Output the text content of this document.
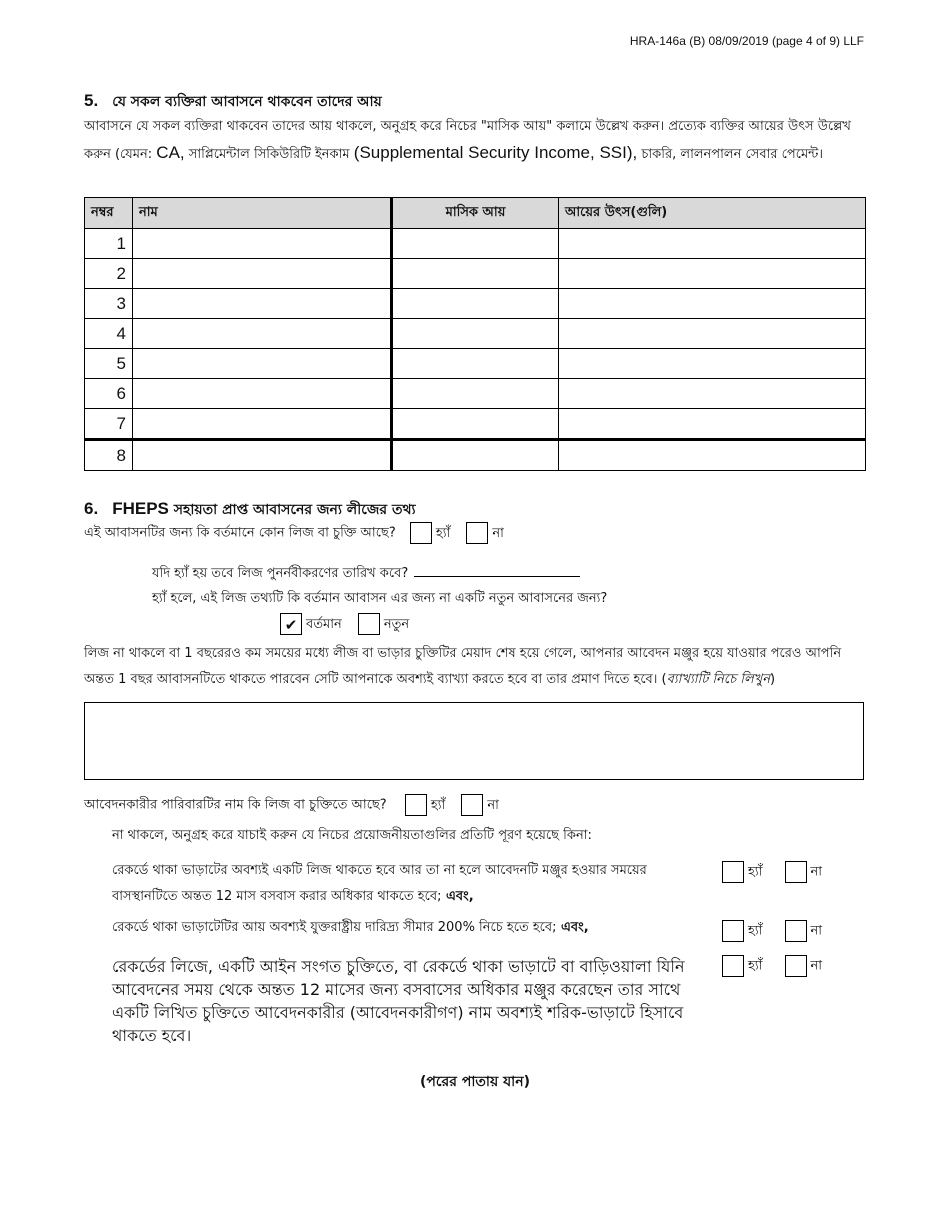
HRA-146a (B) 08/09/2019 (page 4 of 9) LLF
5. যে সকল ব্যক্তিরা আবাসনে থাকবেন তাদের আয়
আবাসনে যে সকল ব্যক্তিরা থাকবেন তাদের আয় থাকলে, অনুগ্রহ করে নিচের "মাসিক আয়" কলামে উল্লেখ করুন। প্রত্যেক ব্যক্তির আয়ের উৎস উল্লেখ করুন (যেমন: CA, সাপ্লিমেন্টাল সিকিউরিটি ইনকাম (Supplemental Security Income, SSI), চাকরি, লালনপালন সেবার পেমেন্ট।
নম্বর	নাম	মাসিক আয়	আয়ের উৎস(গুলি)
1			
2			
3			
4			
5			
6			
7			
8			
6. FHEPS সহায়তা প্রাপ্ত আবাসনের জন্য লীজের তথ্য
এই আবাসনটির জন্য কি বর্তমানে কোন লিজ বা চুক্তি আছে?	হ্যাঁ	না
যদি হ্যাঁ হয় তবে লিজ পুনর্নবীকরণের তারিখ কবে?
হ্যাঁ হলে, এই লিজ তথ্যটি কি বর্তমান আবাসন এর জন্য না একটি নতুন আবাসনের জন্য?
✔ বর্তমান	নতুন
লিজ না থাকলে বা 1 বছরেরও কম সময়ের মধ্যে লীজ বা ভাড়ার চুক্তিটির মেয়াদ শেষ হয়ে গেলে, আপনার আবেদন মঞ্জুর হয়ে যাওয়ার পরেও আপনি অন্তত 1 বছর আবাসনটিতে থাকতে পারবেন সেটি আপনাকে অবশ্যই ব্যাখ্যা করতে হবে বা তার প্রমাণ দিতে হবে। (ব্যাখ্যাটি নিচে লিখুন)
আবেদনকারীর পারিবারটির নাম কি লিজ বা চুক্তিতে আছে?	হ্যাঁ	না
না থাকলে, অনুগ্রহ করে যাচাই করুন যে নিচের প্রয়োজনীয়তাগুলির প্রতিটি পূরণ হয়েছে কিনা:
রেকর্ডে থাকা ভাড়াটের অবশ্যই একটি লিজ থাকতে হবে আর তা না হলে আবেদনটি মঞ্জুর হওয়ার সময়ের বাসস্থানটিতে অন্তত 12 মাস বসবাস করার অধিকার থাকতে হবে; এবং,
হ্যাঁ	না
রেকর্ডে থাকা ভাড়াটেটির আয় অবশ্যই যুক্তরাষ্ট্রীয় দারিদ্র্য সীমার 200% নিচে হতে হবে; এবং,	হ্যাঁ	না
রেকর্ডের লিজে, একটি আইন সংগত চুক্তিতে, বা রেকর্ডে থাকা ভাড়াটে বা বাড়িওয়ালা যিনি আবেদনের সময় থেকে অন্তত 12 মাসের জন্য বসবাসের অধিকার মঞ্জুর করেছেন তার সাথে একটি লিখিত চুক্তিতে আবেদনকারীর (আবেদনকারীগণ) নাম অবশ্যই শরিক-ভাড়াটে হিসাবে থাকতে হবে।
হ্যাঁ	না
(পরের পাতায় যান)
